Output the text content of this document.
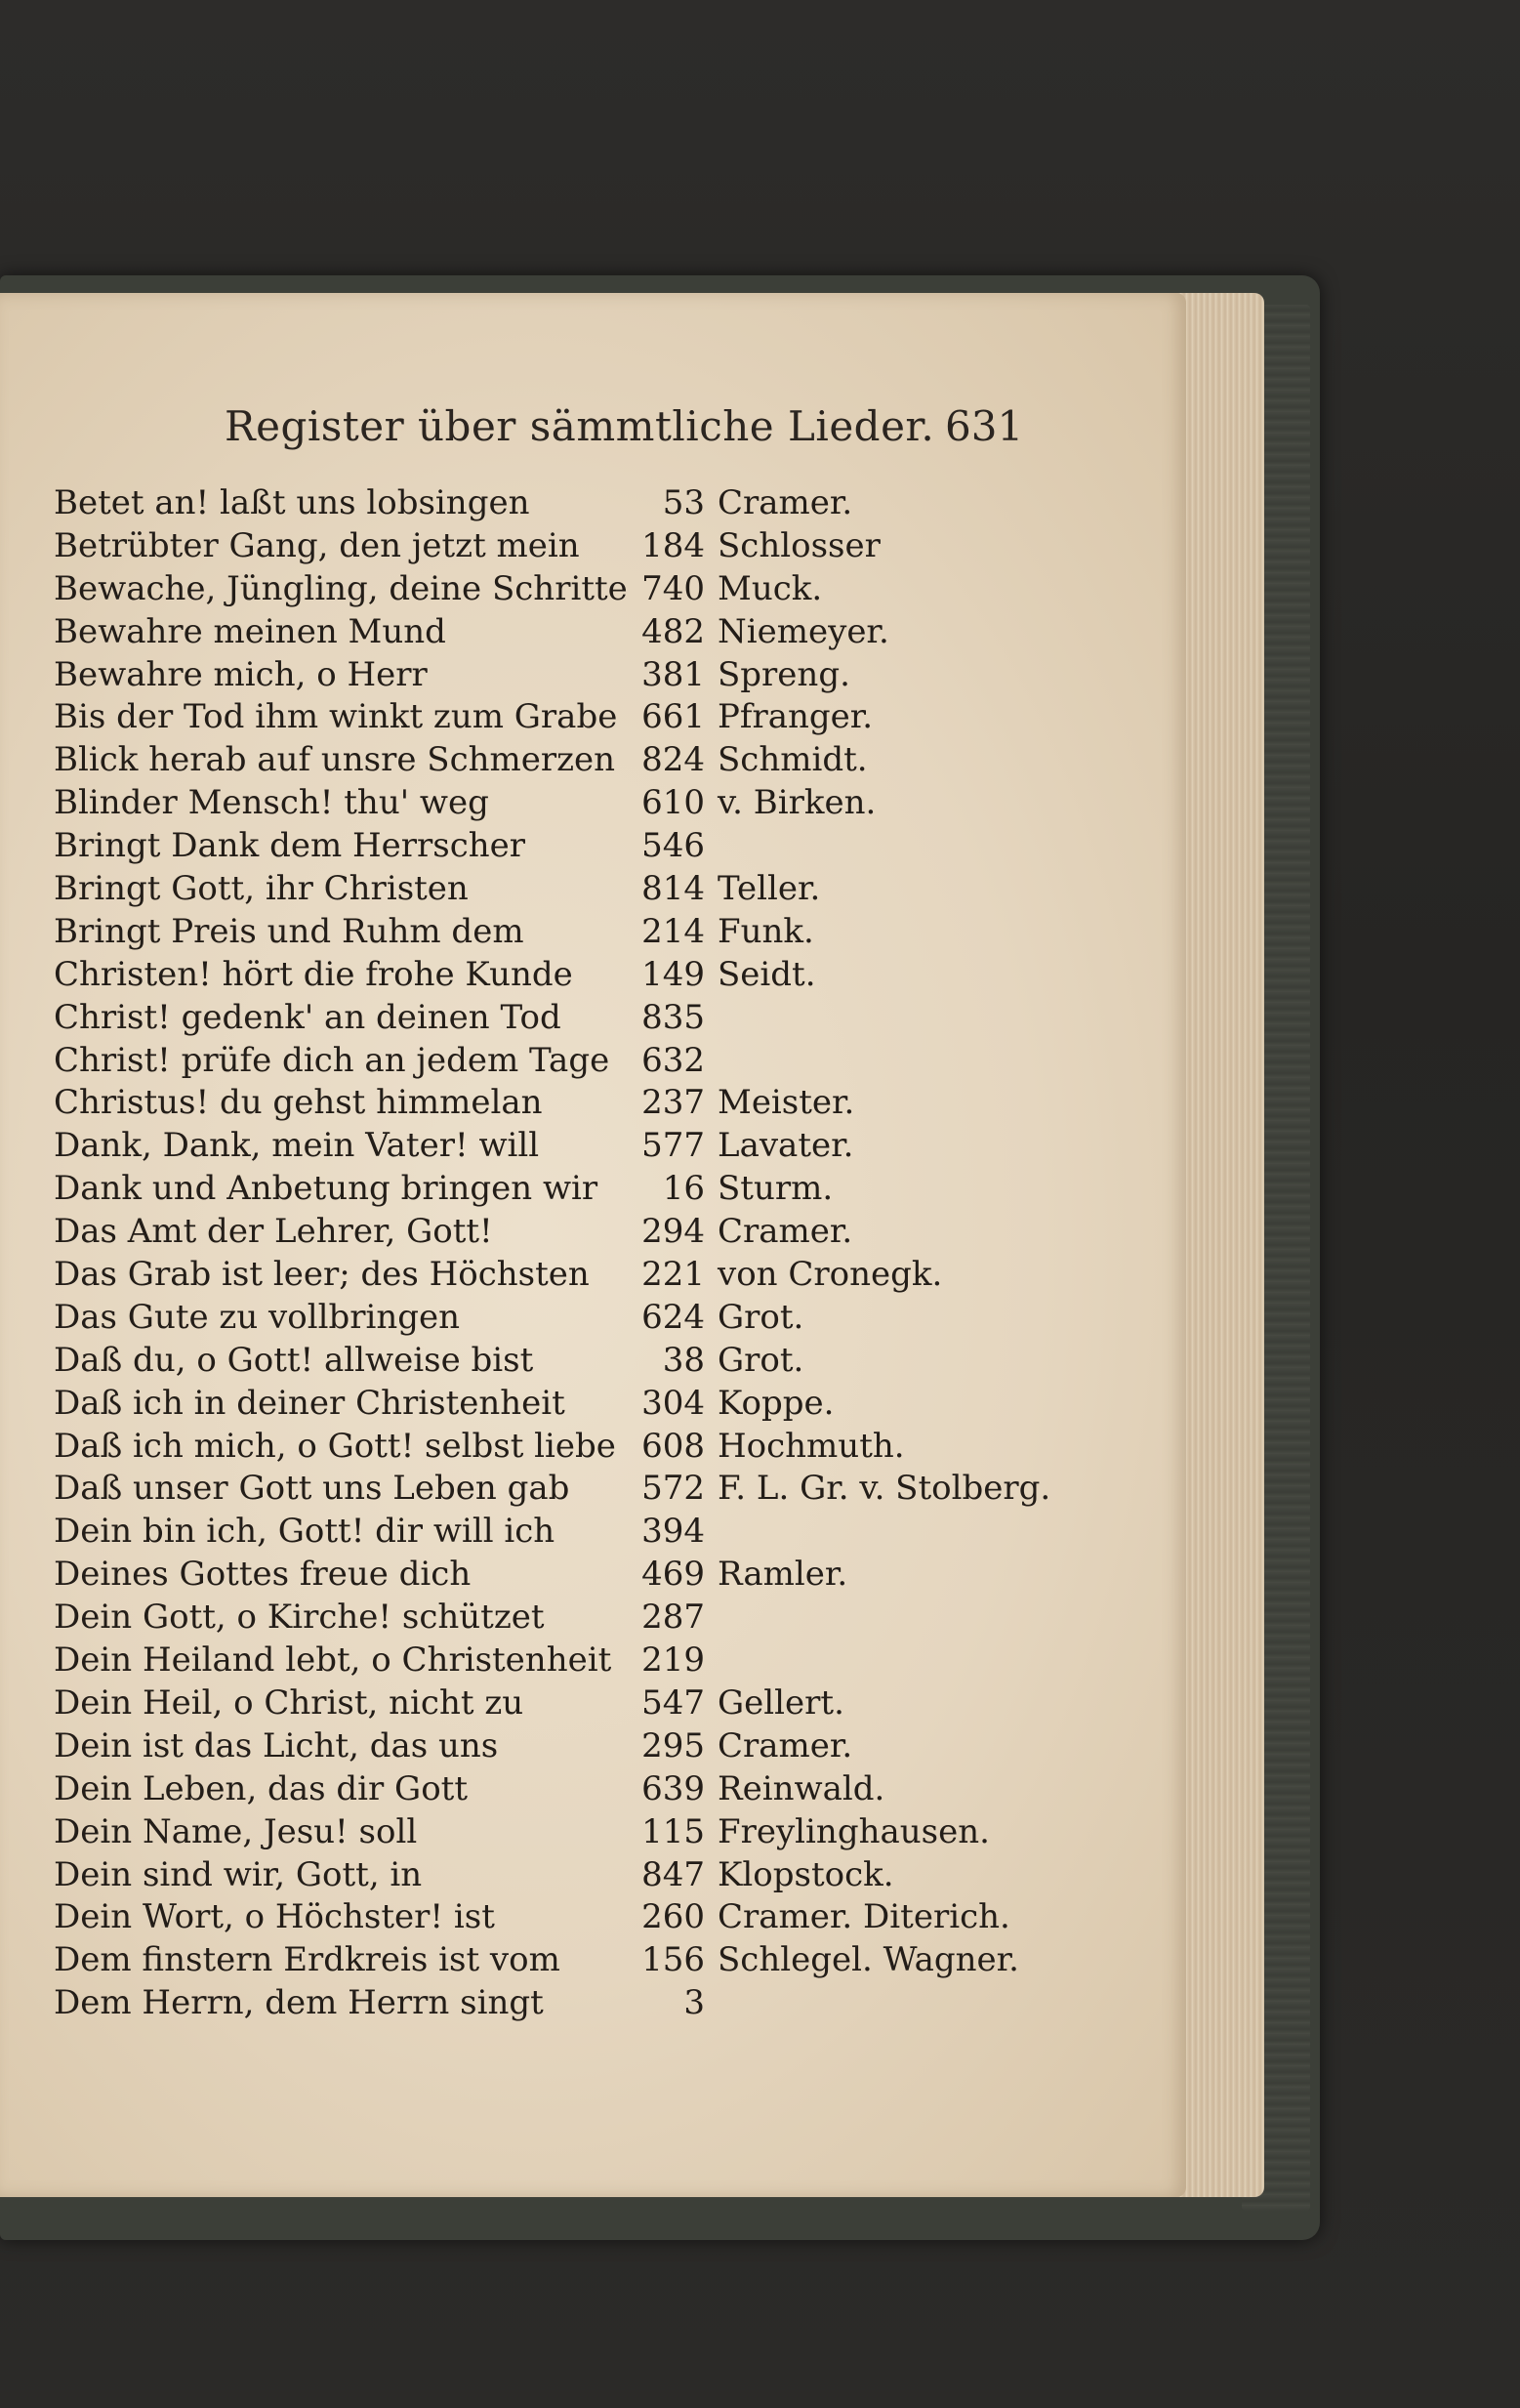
Register über sämmtliche Lieder. 631
Betet an! laßt uns lobsingen	53 Cramer.
Betrübter Gang, den jetzt mein	184 Schlosser
Bewache, Jüngling, deine Schritte 740 Muck.
Bewahre meinen Mund	482 Niemeyer.
Bewahre mich, o Herr	381 Spreng.
Bis der Tod ihm winkt zum Grabe 661 Pfranger.
Blick herab auf unsre Schmerzen 824 Schmidt.
Blinder Mensch! thu' weg	610 v. Birken.
Bringt Dank dem Herrscher	546
Bringt Gott, ihr Christen	814 Teller.
Bringt Preis und Ruhm dem	214 Funk.
Christen! hört die frohe Kunde	149 Seidt.
Christ! gedenk' an deinen Tod	835
Christ! prüfe dich an jedem Tage 632
Christus! du gehst himmelan	237 Meister.
Dank, Dank, mein Vater! will	577 Lavater.
Dank und Anbetung bringen wir	16 Sturm.
Das Amt der Lehrer, Gott!	294 Cramer.
Das Grab ist leer; des Höchsten	221 von Cronegk.
Das Gute zu vollbringen	624 Grot.
Daß du, o Gott! allweise bist	38 Grot.
Daß ich in deiner Christenheit	304 Koppe.
Daß ich mich, o Gott! selbst liebe 608 Hochmuth.
Daß unser Gott uns Leben gab	572 F. L. Gr. v. Stolberg.
Dein bin ich, Gott! dir will ich	394
Deines Gottes freue dich	469 Ramler.
Dein Gott, o Kirche! schützet	287
Dein Heiland lebt, o Christenheit 219
Dein Heil, o Christ, nicht zu	547 Gellert.
Dein ist das Licht, das uns	295 Cramer.
Dein Leben, das dir Gott	639 Reinwald.
Dein Name, Jesu! soll	115 Freylinghausen.
Dein sind wir, Gott, in	847 Klopstock.
Dein Wort, o Höchster! ist	260 Cramer. Diterich.
Dem finstern Erdkreis ist vom	156 Schlegel. Wagner.
Dem Herrn, dem Herrn singt	3
